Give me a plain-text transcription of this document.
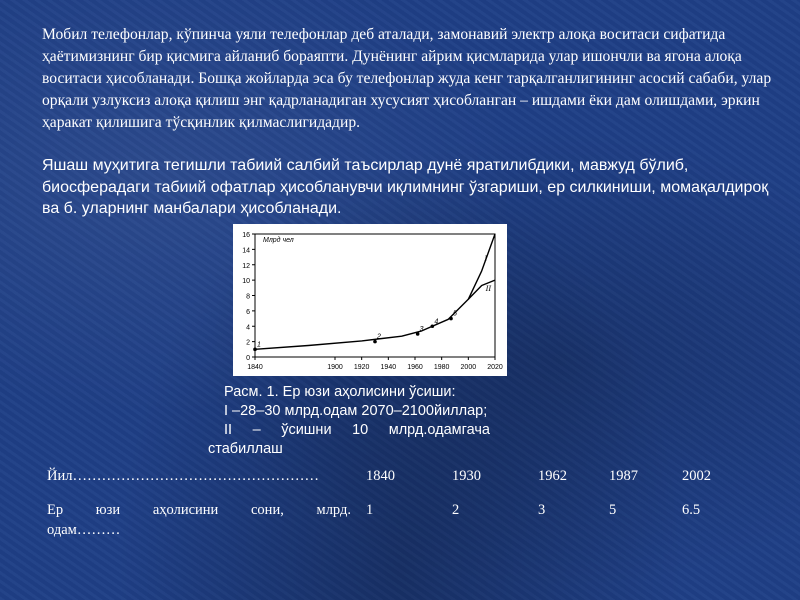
Мобил телефонлар, кўпинча уяли телефонлар деб аталади, замонавий электр алоқа воситаси сифатида ҳаётимизнинг бир қисмига айланиб бораяпти. Дунёнинг айрим қисмларида улар ишончли ва ягона алоқа воситаси ҳисобланади. Бошқа жойларда эса бу телефонлар жуда кенг тарқалганлигининг асосий сабаби, улар орқали узлуксиз алоқа қилиш энг қадрланадиган хусусият ҳисобланган – ишдами ёки дам олишдами, эркин ҳаракат қилишига тўсқинлик қилмаслигидадир.
Яшаш муҳитига тегишли табиий салбий таъсирлар дунё яратилибдики, мавжуд бўлиб, биосферадаги табиий офатлар ҳисобланувчи иқлимнинг ўзгариши, ер силкиниши, момақалдироқ ва б. уларнинг манбалари ҳисобланади.
0
2
4
6
8
10
12
14
16
1840	1900 1920 1940 1960 1980 2000 2020
Млрд чел
I
II
1
2
3
4
5
Расм. 1. Ер юзи аҳолисини ўсиши:
I –28–30 млрд.одам 2070–2100йиллар;
II – ўсишни 10 млрд.одамгача
стабиллаш
Йил……………………………………………	1840	1930	1962	1987	2002
Ер юзи аҳолисини сони, млрд.
одам………
1	2	3	5	6.5
